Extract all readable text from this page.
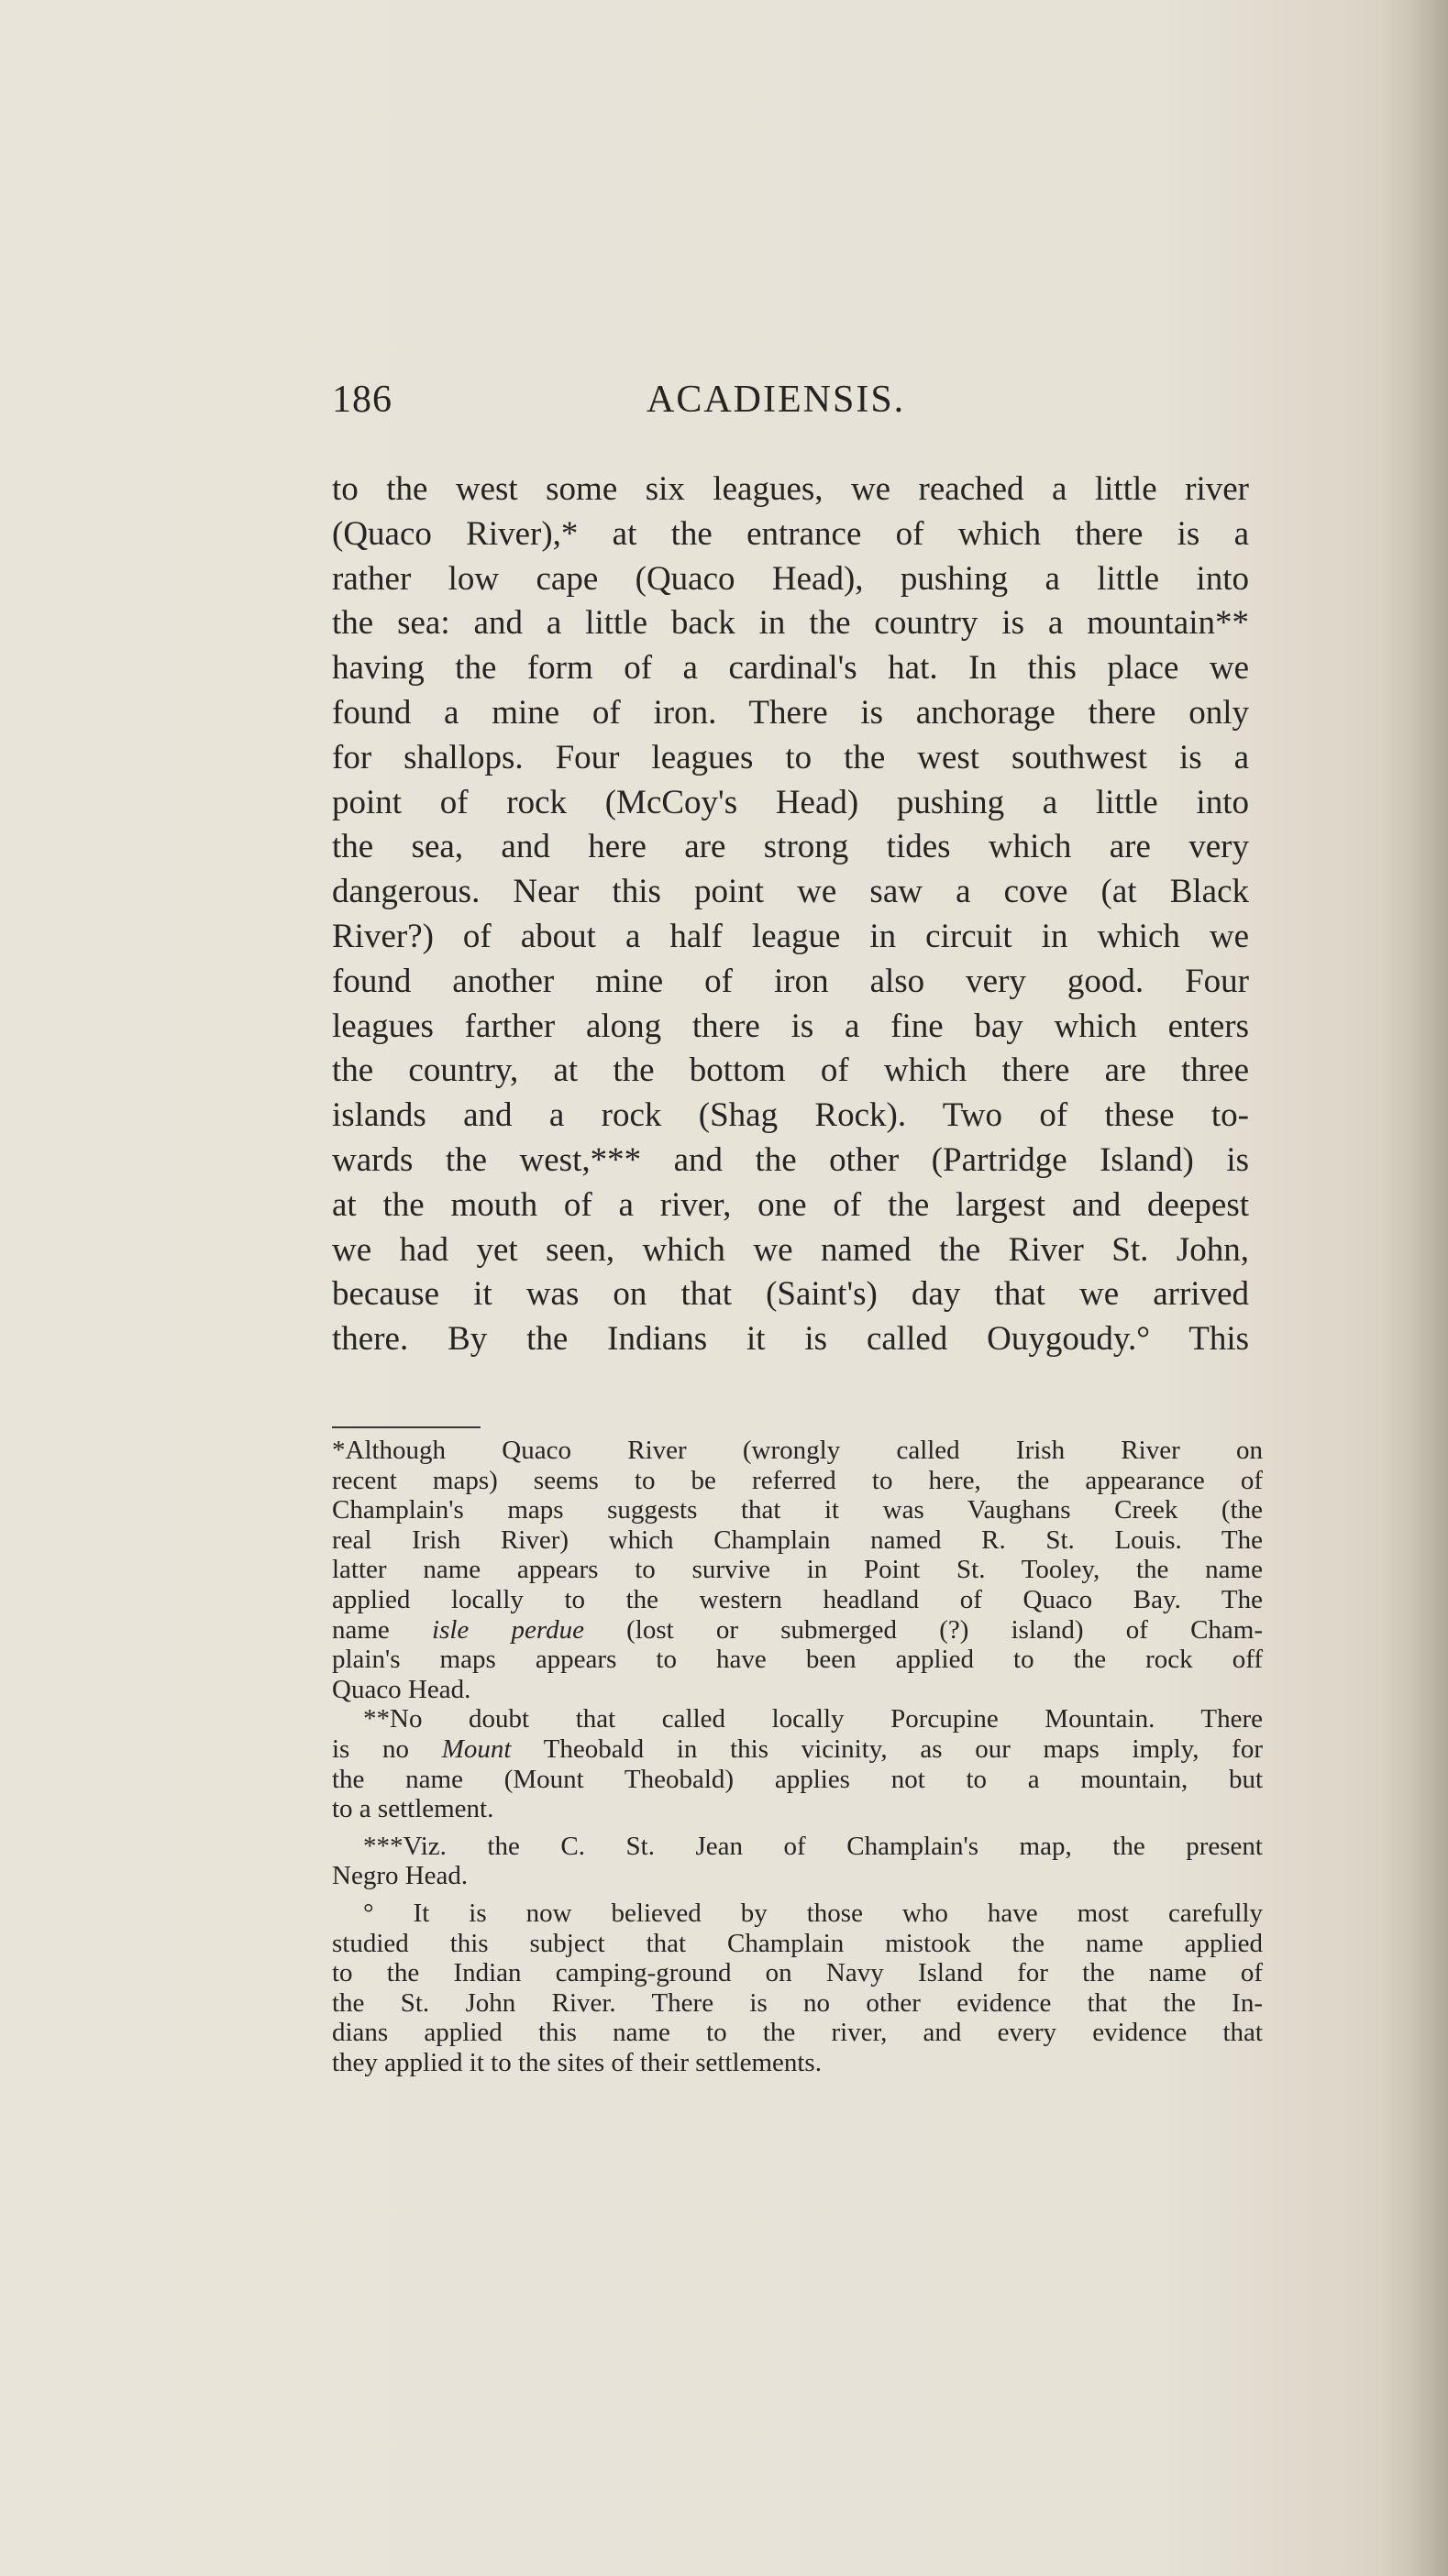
186	ACADIENSIS.
to the west some six leagues, we reached a little river
(Quaco River),* at the entrance of which there is a
rather low cape (Quaco Head), pushing a little into
the sea: and a little back in the country is a mountain**
having the form of a cardinal's hat. In this place we
found a mine of iron. There is anchorage there only
for shallops. Four leagues to the west southwest is a
point of rock (McCoy's Head) pushing a little into
the sea, and here are strong tides which are very
dangerous. Near this point we saw a cove (at Black
River?) of about a half league in circuit in which we
found another mine of iron also very good. Four
leagues farther along there is a fine bay which enters
the country, at the bottom of which there are three
islands and a rock (Shag Rock). Two of these to-
wards the west,*** and the other (Partridge Island) is
at the mouth of a river, one of the largest and deepest
we had yet seen, which we named the River St. John,
because it was on that (Saint's) day that we arrived
there. By the Indians it is called Ouygoudy.° This
*Although Quaco River (wrongly called Irish River on
recent maps) seems to be referred to here, the appearance of
Champlain's maps suggests that it was Vaughans Creek (the
real Irish River) which Champlain named R. St. Louis. The
latter name appears to survive in Point St. Tooley, the name
applied locally to the western headland of Quaco Bay. The
name isle perdue (lost or submerged (?) island) of Cham-
plain's maps appears to have been applied to the rock off
Quaco Head.
**No doubt that called locally Porcupine Mountain. There
is no Mount Theobald in this vicinity, as our maps imply, for
the name (Mount Theobald) applies not to a mountain, but
to a settlement.
***Viz. the C. St. Jean of Champlain's map, the present
Negro Head.
° It is now believed by those who have most carefully
studied this subject that Champlain mistook the name applied
to the Indian camping-ground on Navy Island for the name of
the St. John River. There is no other evidence that the In-
dians applied this name to the river, and every evidence that
they applied it to the sites of their settlements.
